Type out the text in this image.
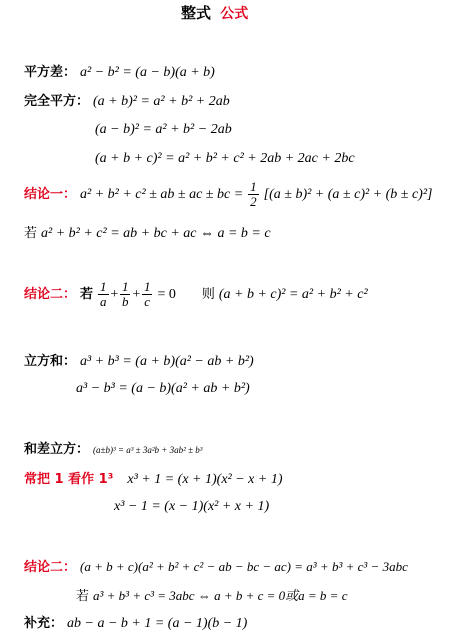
整式 公式
平方差： a² − b² = (a − b)(a + b)
完全平方： (a + b)² = a² + b² + 2ab
(a − b)² = a² + b² − 2ab
(a + b + c)² = a² + b² + c² + 2ab + 2ac + 2bc
结论一： a² + b² + c² ± ab ± ac ± bc = $\frac{1}{2} [(a \pm b)^2 + (a \pm c)^2 + (b \pm c)^2]$
若 a² + b² + c² = ab + bc + ac ⇔ a = b = c
结论二： 若 $\frac{1}{a} + \frac{1}{b} + \frac{1}{c} = 0$ 则 (a + b + c)² = a² + b² + c²
立方和： a³ + b³ = (a + b)(a² − ab + b²)
a³ − b³ = (a − b)(a² + ab + b²)
和差立方： (a±b)³ = a³ ± 3a²b + 3ab² ± b³
常把 1 看作 1³ x³ + 1 = (x + 1)(x² − x + 1)
x³ − 1 = (x − 1)(x² + x + 1)
结论二： (a + b + c)(a² + b² + c² − ab − bc − ac) = a³ + b³ + c³ − 3abc
若 a³ + b³ + c³ = 3abc ⇔ a + b + c = 0或a = b = c
补充： ab − a − b + 1 = (a − 1)(b − 1)
